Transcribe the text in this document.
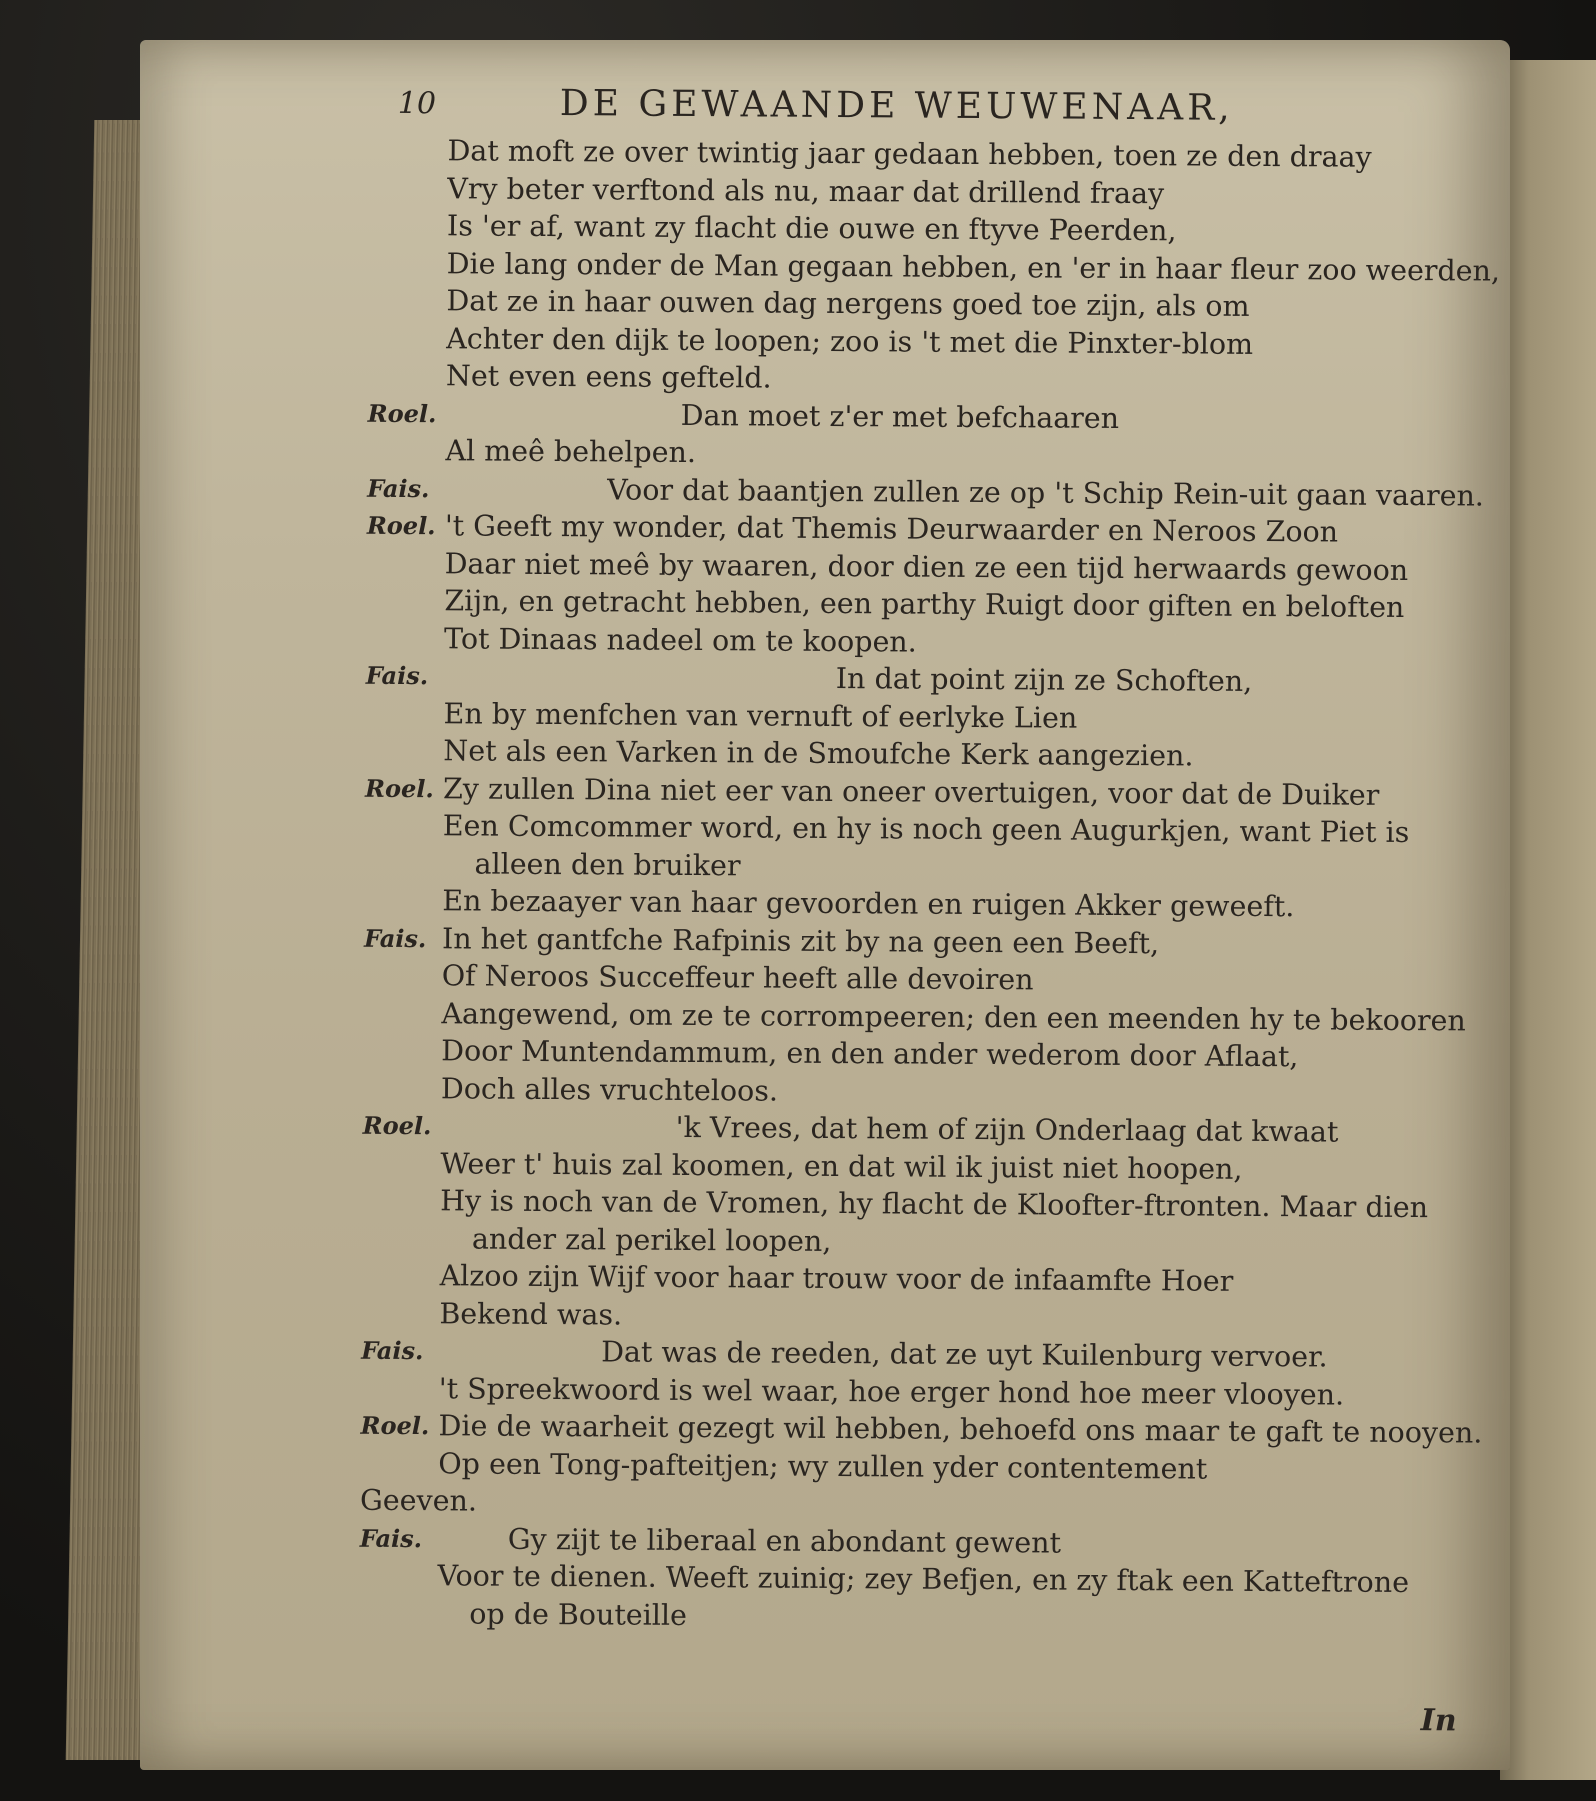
10	DE GEWAANDE WEUWENAAR,
Dat moft ze over twintig jaar gedaan hebben, toen ze den draay
Vry beter verftond als nu, maar dat drillend fraay
Is 'er af, want zy flacht die ouwe en ftyve Peerden,
Die lang onder de Man gegaan hebben, en 'er in haar fleur zoo weerden,
Dat ze in haar ouwen dag nergens goed toe zijn, als om
Achter den dijk te loopen; zoo is 't met die Pinxter-blom
Net even eens gefteld.
Roel.	Dan moet z'er met befchaaren
Al meê behelpen.
Fais.	Voor dat baantjen zullen ze op 't Schip Rein-uit gaan vaaren.
Roel. 't Geeft my wonder, dat Themis Deurwaarder en Neroos Zoon
Daar niet meê by waaren, door dien ze een tijd herwaards gewoon
Zijn, en getracht hebben, een parthy Ruigt door giften en beloften
Tot Dinaas nadeel om te koopen.
Fais.	In dat point zijn ze Schoften,
En by menfchen van vernuft of eerlyke Lien
Net als een Varken in de Smoufche Kerk aangezien.
Roel. Zy zullen Dina niet eer van oneer overtuigen, voor dat de Duiker
Een Comcommer word, en hy is noch geen Augurkjen, want Piet is
alleen den bruiker
En bezaayer van haar gevoorden en ruigen Akker geweeft.
Fais. In het gantfche Rafpinis zit by na geen een Beeft,
Of Neroos Succeffeur heeft alle devoiren
Aangewend, om ze te corrompeeren; den een meenden hy te bekooren
Door Muntendammum, en den ander wederom door Aflaat,
Doch alles vruchteloos.
Roel.	'k Vrees, dat hem of zijn Onderlaag dat kwaat
Weer t' huis zal koomen, en dat wil ik juist niet hoopen,
Hy is noch van de Vromen, hy flacht de Kloofter-ftronten. Maar dien
ander zal perikel loopen,
Alzoo zijn Wijf voor haar trouw voor de infaamfte Hoer
Bekend was.
Fais.	Dat was de reeden, dat ze uyt Kuilenburg vervoer.
't Spreekwoord is wel waar, hoe erger hond hoe meer vlooyen.
Roel. Die de waarheit gezegt wil hebben, behoefd ons maar te gaft te nooyen.
Op een Tong-pafteitjen; wy zullen yder contentement
Geeven.
Fais.	Gy zijt te liberaal en abondant gewent
Voor te dienen. Weeft zuinig; zey Befjen, en zy ftak een Katteftrone
op de Bouteille
In
